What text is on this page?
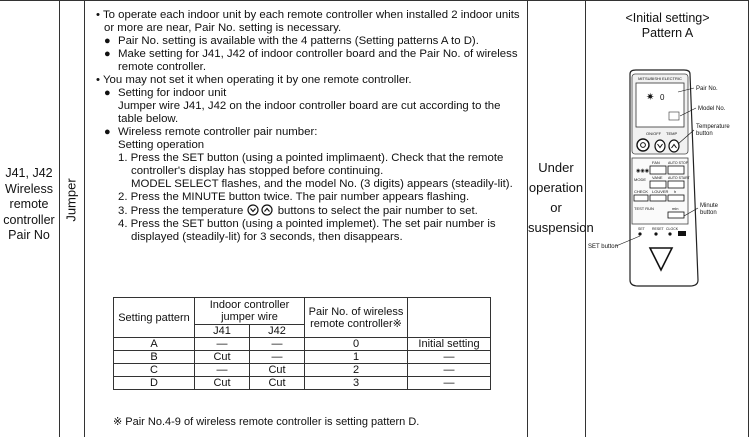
J41, J42
Wireless
remote
controller
Pair No
Jumper

• To operate each indoor unit by each remote controller when installed 2 indoor units or more are near, Pair No. setting is necessary.

● Pair No. setting is available with the 4 patterns (Setting patterns A to D).

● Make setting for J41, J42 of indoor controller board and the Pair No. of wireless remote controller.

• You may not set it when operating it by one remote controller.

● Setting for indoor unit

Jumper wire J41, J42 on the indoor controller board are cut according to the table below.

● Wireless remote controller pair number:

Setting operation

1. Press the SET button (using a pointed implimaent). Check that the remote controller's display has stopped before continuing.

MODEL SELECT flashes, and the model No. (3 digits) appears (steadily-lit).

2. Press the MINUTE button twice. The pair number appears flashing.

3. Press the temperature	buttons to select the pair number to set.

4. Press the SET button (using a pointed implemet). The set pair number is displayed (steadily-lit) for 3 seconds, then disappears.

Setting pattern	Indoor controller jumper wire		Pair No. of wireless remote controller※	
	J41	J42		
A	—	—	0	Initial setting
B	Cut	—	1	—
C	—	Cut	2	—
D	Cut	Cut	3	—
※ Pair No.4-9 of wireless remote controller is setting pattern D.
Under
operation
or
suspension
<Initial setting>
Pattern A
MITSUBISHI ELECTRIC
✷ 0
ON/OFF TEMP
◉◉◉
FAN AUTO STOP
MODE VANE AUTO START
CHECK LOUVER h
TEST RUN	min
SET RESET CLOCK
Pair No.
Model No.
Temperature
button
Minute
button
SET button
